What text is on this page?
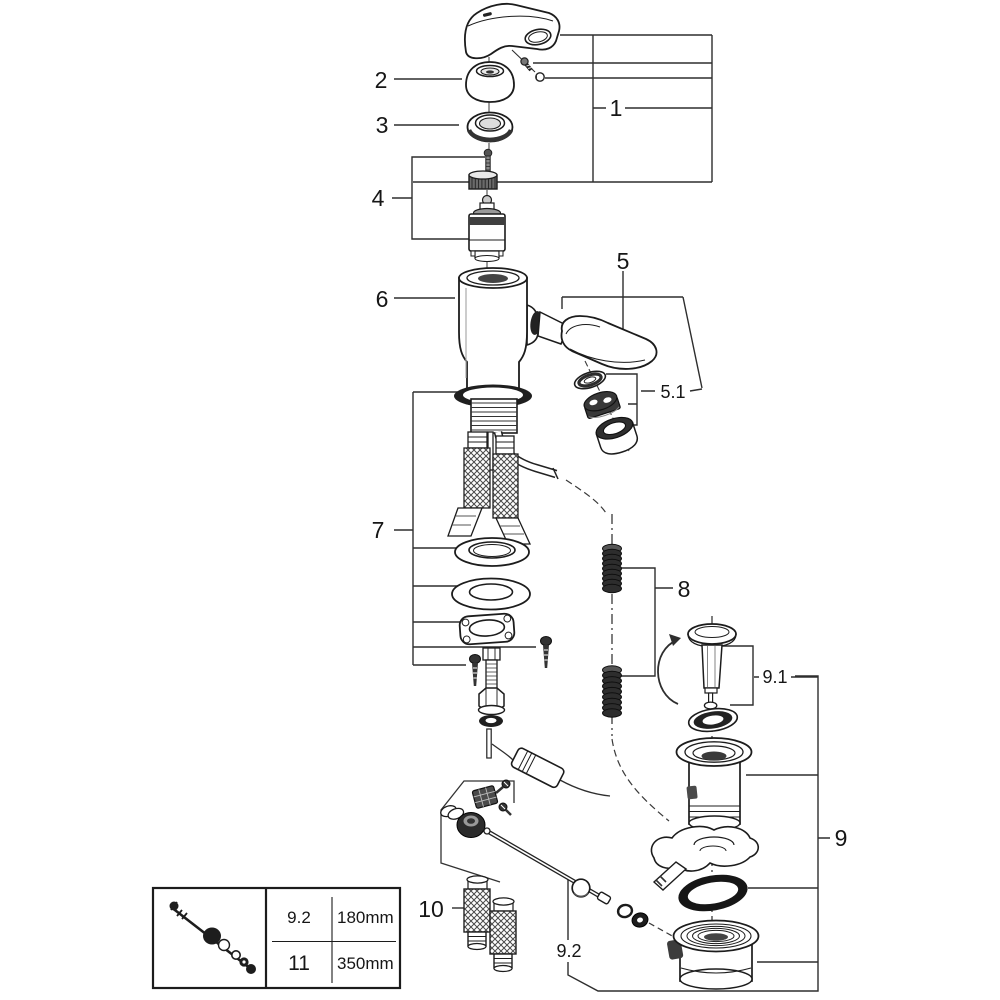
9.2 180mm
11 350mm
1
2
3
4
5
5.1
6
7
8
9
9.1
9.2
10
